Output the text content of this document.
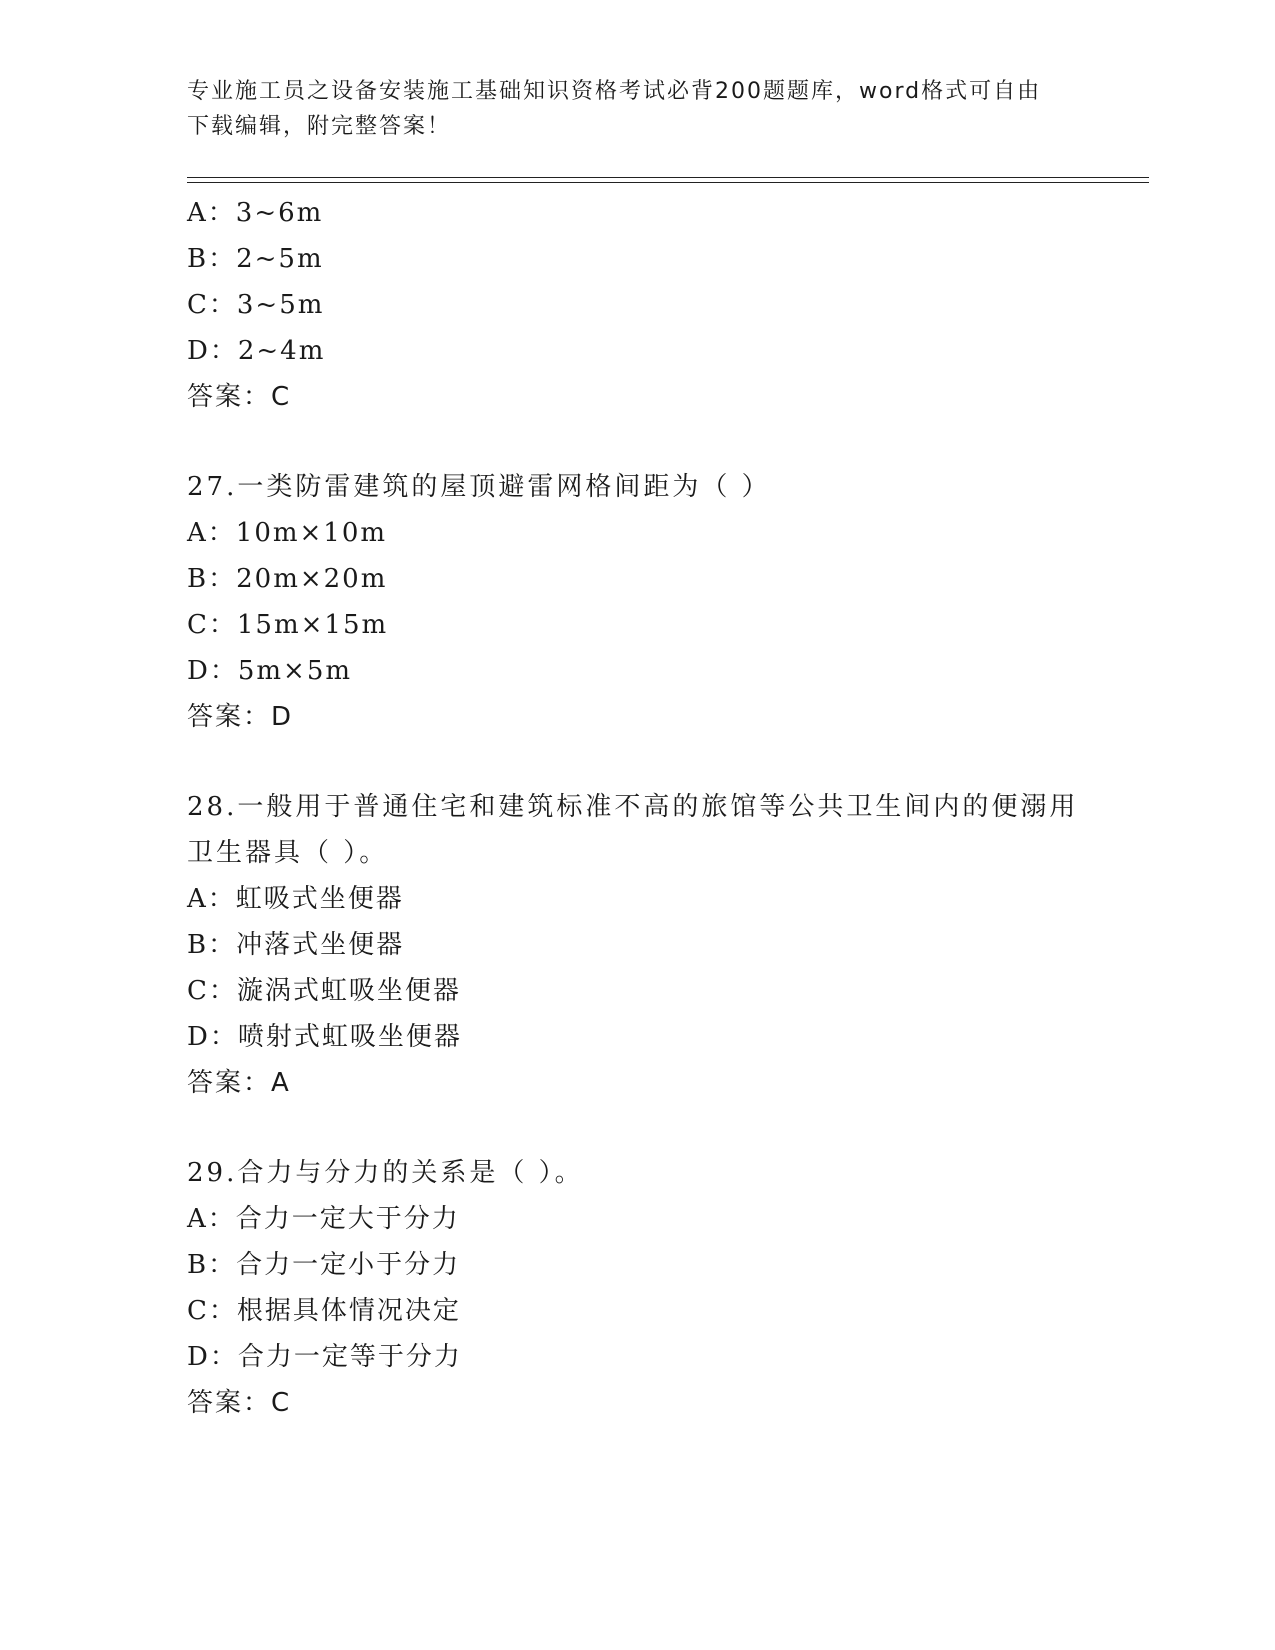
专业施工员之设备安装施工基础知识资格考试必背200题题库，word格式可自由
下载编辑，附完整答案！
A：3~6m
B：2~5m
C：3~5m
D：2~4m
答案：C
27.一类防雷建筑的屋顶避雷网格间距为（ ）
A：10m×10m
B：20m×20m
C：15m×15m
D：5m×5m
答案：D
28.一般用于普通住宅和建筑标准不高的旅馆等公共卫生间内的便溺用
卫生器具（ ）。
A：虹吸式坐便器
B：冲落式坐便器
C：漩涡式虹吸坐便器
D：喷射式虹吸坐便器
答案：A
29.合力与分力的关系是（ ）。
A：合力一定大于分力
B：合力一定小于分力
C：根据具体情况决定
D：合力一定等于分力
答案：C
